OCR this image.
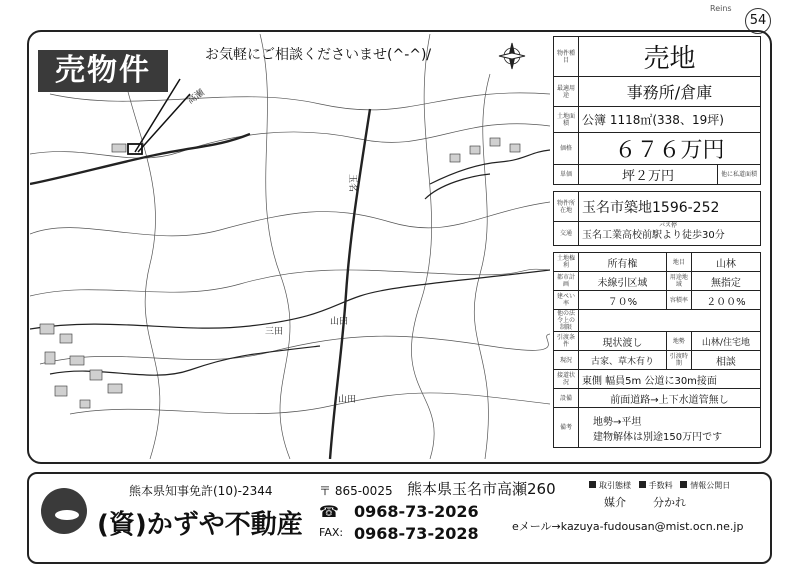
Reins
54
高瀬
玉名
山田
三田
山田
売物件	お気軽にご相談くださいませ(^-^)/	物件種目	売地	
最適用途	事務所/倉庫	
土地面積	公簿 1118㎡(338、19坪)	
価格	６７６万円	
単価	坪２万円	他に私道面積
物件所在地	玉名市築地1596-252
交通	バス停
玉名工業高校前駅より徒歩30分
土地権利	所有権	地目	山林
都市計画	未線引区域	用途地域	無指定
建ぺい率	７０%	容積率	２００%
他の法令上の制限			
引渡条件	現状渡し	地勢	山林/住宅地
現況	古家、草木有り	引渡時期	相談
接道状況	東側 幅員5m 公道に30m接面		
設備	前面道路→上下水道管無し		
備考	地勢→平坦
建物解体は別途150万円です		
熊本県知事免許(10)-2344
(資)かずや不動産
〒 865-0025 熊本県玉名市高瀬260
☎ 0968-73-2026
FAX: 0968-73-2028	eメール→kazuya-fudousan@mist.ocn.ne.jp
取引態様 手数料 情報公開日
媒介 分かれ
